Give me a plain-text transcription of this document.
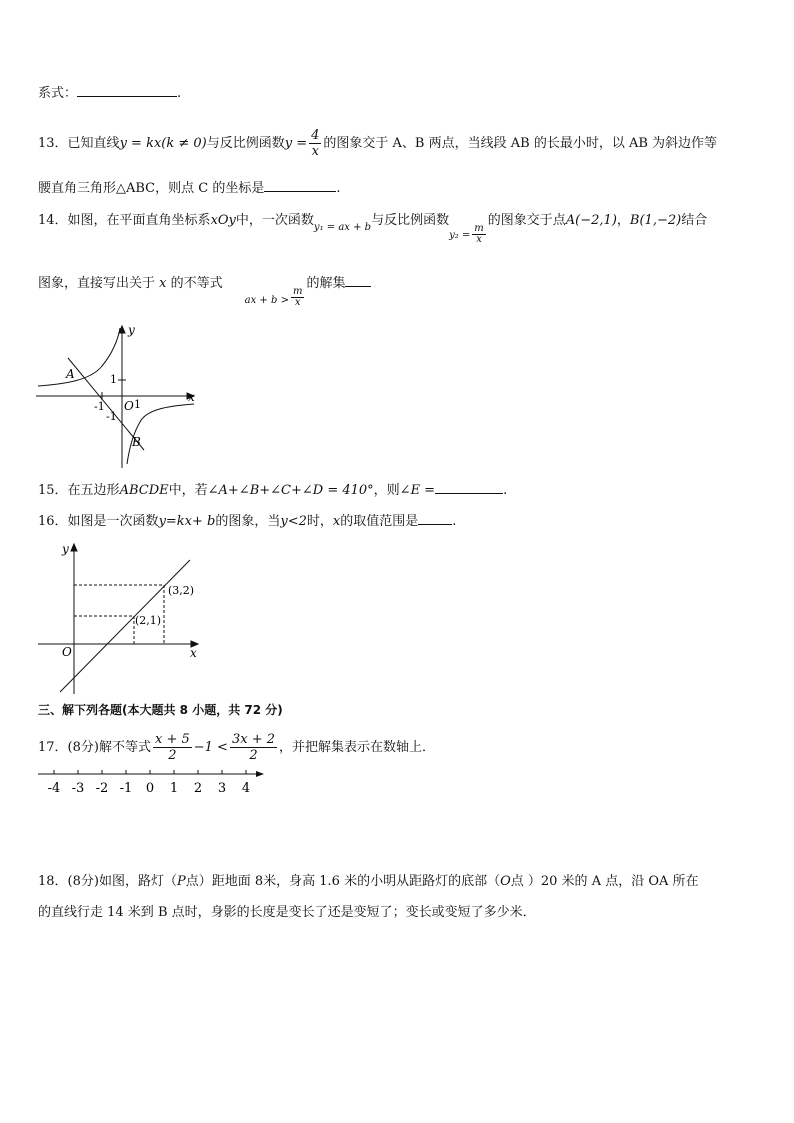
系式：	.
13．已知直线y = kx(k ≠ 0)与反比例函数$y = \frac{4}{x}$ 的图象交于 A、B 两点，当线段 AB 的长最小时，以 AB 为斜边作等
腰直角三角形△ABC，则点 C 的坐标是	.
14．如图，在平面直角坐标系xOy中，一次函数$_{y_1 = ax + b}$与反比例函数$_{y_2 =} \frac{m}{x}$
的图象交于点A(−2,1)，B(1,−2)结合
图象，直接写出关于 x 的不等式$_{ax + b >} \frac{m}{x}$
的解集
y
x
O
A
B
1
1
-1
-1
15．在五边形ABCDE中，若∠A+∠B+∠C+∠D = 410°，则∠E =	.
16．如图是一次函数y=kx+ b的图象，当y<2时，x的取值范围是	.
y
x
O
(3,2)
(2,1)
三、解下列各题(本大题共 8 小题，共 72 分)
17．(8分)解不等式 $\frac{x + 5}{2} -1 < \frac{3x + 2}{2}$ ，并把解集表示在数轴上．
-4 -3 -2 -1 0 1 2 3 4
18．(8分)如图，路灯（P点）距地面 8米，身高 1.6 米的小明从距路灯的底部（O点 ）20 米的 A 点，沿 OA 所在
的直线行走 14 米到 B 点时，身影的长度是变长了还是变短了；变长或变短了多少米．
